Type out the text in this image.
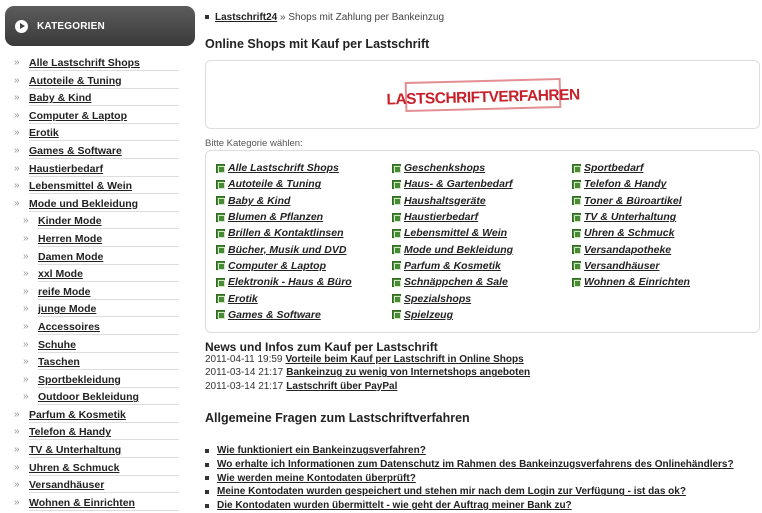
KATEGORIEN
» Alle Lastschrift Shops
» Autoteile & Tuning
» Baby & Kind
» Computer & Laptop
» Erotik
» Games & Software
» Haustierbedarf
» Lebensmittel & Wein
» Mode und Bekleidung
» Kinder Mode
» Herren Mode
» Damen Mode
» xxl Mode
» reife Mode
» junge Mode
» Accessoires
» Schuhe
» Taschen
» Sportbekleidung
» Outdoor Bekleidung
» Parfum & Kosmetik
» Telefon & Handy
» TV & Unterhaltung
» Uhren & Schmuck
» Versandhäuser
» Wohnen & Einrichten
Lastschrift24 » Shops mit Zahlung per Bankeinzug
Online Shops mit Kauf per Lastschrift
LASTSCHRIFTVERFAHREN
Bitte Kategorie wählen:
Alle Lastschrift Shops
Autoteile & Tuning
Baby & Kind
Blumen & Pflanzen
Brillen & Kontaktlinsen
Bücher, Musik und DVD
Computer & Laptop
Elektronik - Haus & Büro
Erotik
Games & Software
Geschenkshops
Haus- & Gartenbedarf
Haushaltsgeräte
Haustierbedarf
Lebensmittel & Wein
Mode und Bekleidung
Parfum & Kosmetik
Schnäppchen & Sale
Spezialshops
Spielzeug
Sportbedarf
Telefon & Handy
Toner & Büroartikel
TV & Unterhaltung
Uhren & Schmuck
Versandapotheke
Versandhäuser
Wohnen & Einrichten
News und Infos zum Kauf per Lastschrift
2011-04-11 19:59 Vorteile beim Kauf per Lastschrift in Online Shops
2011-03-14 21:17 Bankeinzug zu wenig von Internetshops angeboten
2011-03-14 21:17 Lastschrift über PayPal
Allgemeine Fragen zum Lastschriftverfahren
Wie funktioniert ein Bankeinzugsverfahren?
Wo erhalte ich Informationen zum Datenschutz im Rahmen des Bankeinzugsverfahrens des Onlinehändlers?
Wie werden meine Kontodaten überprüft?
Meine Kontodaten wurden gespeichert und stehen mir nach dem Login zur Verfügung - ist das ok?
Die Kontodaten wurden übermittelt - wie geht der Auftrag meiner Bank zu?
